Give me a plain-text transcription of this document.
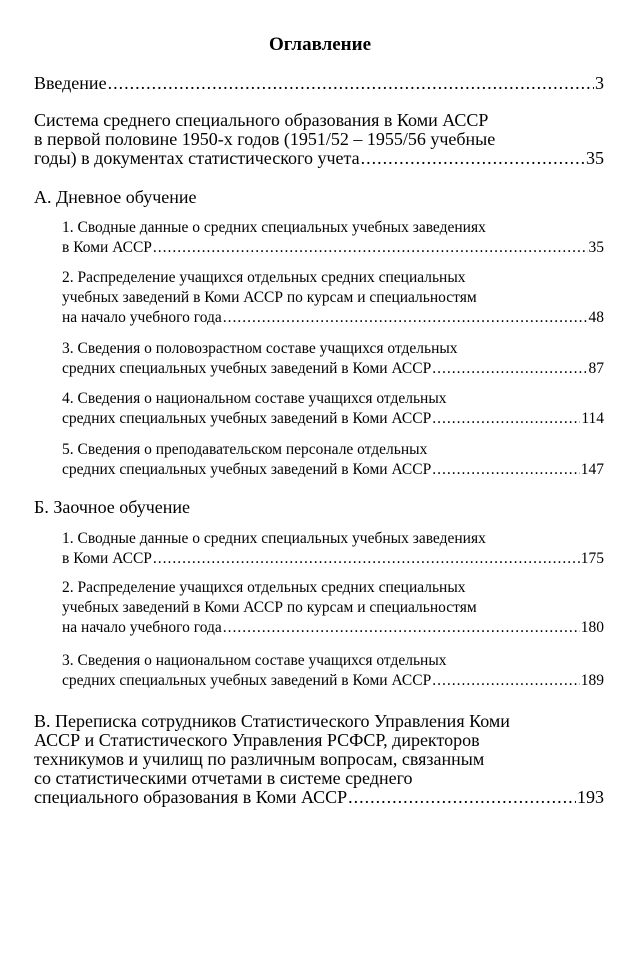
Оглавление
Введение .....	3
Система среднего специального образования в Коми АССР
в первой половине 1950-х годов (1951/52 – 1955/56 учебные
годы) в документах статистического учета .....	35
А. Дневное обучение
1. Сводные данные о средних специальных учебных заведениях
в Коми АССР .....	35
2. Распределение учащихся отдельных средних специальных
учебных заведений в Коми АССР по курсам и специальностям
на начало учебного года .....	48
3. Сведения о половозрастном составе учащихся отдельных
средних специальных учебных заведений в Коми АССР .....	87
4. Сведения о национальном составе учащихся отдельных
средних специальных учебных заведений в Коми АССР .....	114
5. Сведения о преподавательском персонале отдельных
средних специальных учебных заведений в Коми АССР .....	147
Б. Заочное обучение
1. Сводные данные о средних специальных учебных заведениях
в Коми АССР .....	175
2. Распределение учащихся отдельных средних специальных
учебных заведений в Коми АССР по курсам и специальностям
на начало учебного года .....	180
3. Сведения о национальном составе учащихся отдельных
средних специальных учебных заведений в Коми АССР .....	189
В. Переписка сотрудников Статистического Управления Коми
АССР и Статистического Управления РСФСР, директоров
техникумов и училищ по различным вопросам, связанным
со статистическими отчетами в системе среднего
специального образования в Коми АССР .....	193
